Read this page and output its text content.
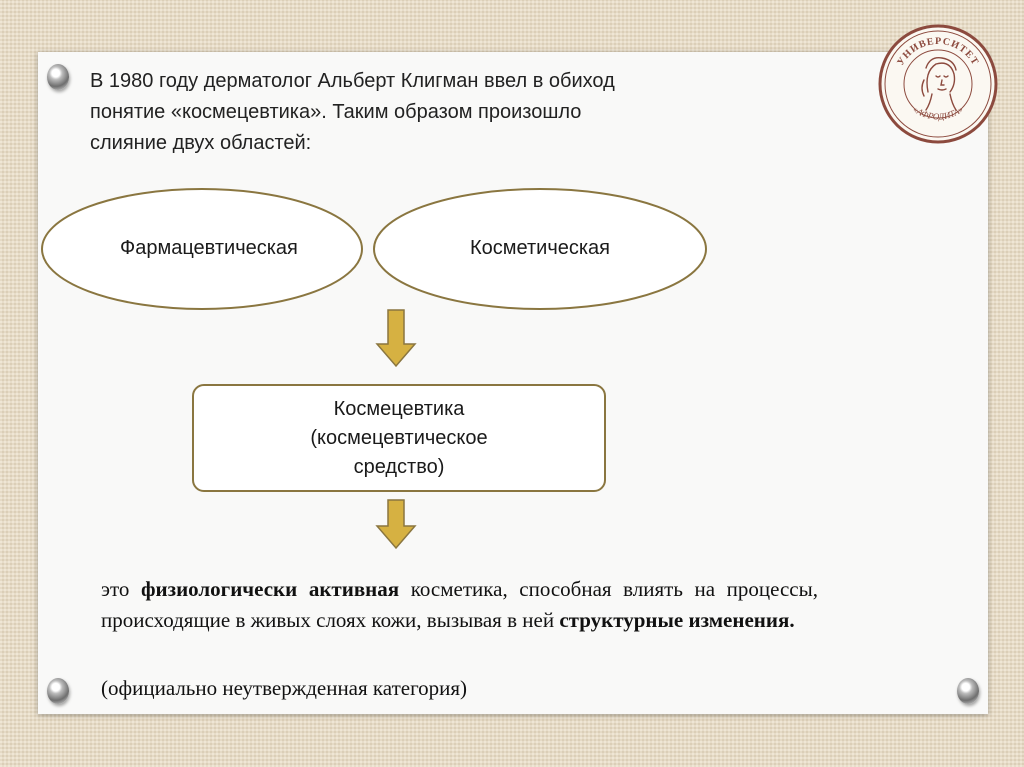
В 1980 году дерматолог Альберт Клигман ввел в обиход
понятие «космецевтика». Таким образом произошло
слияние двух областей:
Фармацевтическая	Косметическая
Космецевтика
(космецевтическое
средство)
это физиологически активная косметика, способная влиять на процессы, происходящие в живых слоях кожи, вызывая в ней структурные изменения.
(официально неутвержденная категория)
УНИВЕРСИТЕТ
«АФРОДИТА»
